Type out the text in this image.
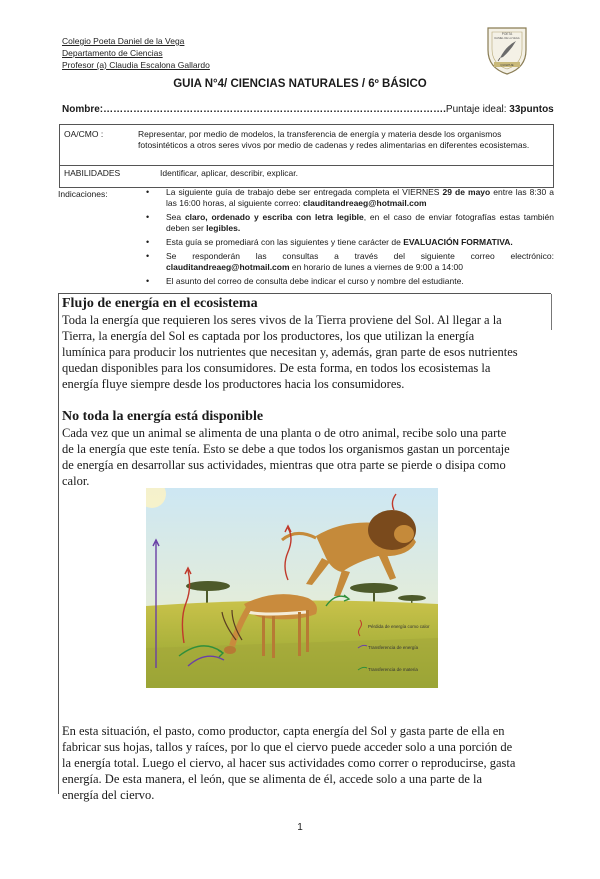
Colegio Poeta Daniel de la Vega
Departamento de Ciencias
Profesor (a) Claudia Escalona Gallardo
POETA
DANIEL DE LA VEGA
QUILPUE
GUIA N°4/ CIENCIAS NATURALES / 6º BÁSICO
Nombre:………………………………………………………………………………………….Puntaje ideal: 33puntos
OA/CMO :	Representar, por medio de modelos, la transferencia de energía y materia desde los organismos fotosintéticos a otros seres vivos por medio de cadenas y redes alimentarias en diferentes ecosistemas.
HABILIDADES	Identificar, aplicar, describir, explicar.
Indicaciones:
•	La siguiente guía de trabajo debe ser entregada completa el VIERNES 29 de mayo entre las 8:30 a las 16:00 horas, al siguiente correo: clauditandreaeg@hotmail.com
• Sea claro, ordenado y escriba con letra legible, en el caso de enviar fotografías estas también deben ser legibles.
• Esta guía se promediará con las siguientes y tiene carácter de EVALUACIÓN FORMATIVA.
• Se responderán las consultas a través del siguiente correo electrónico: clauditandreaeg@hotmail.com en horario de lunes a viernes de 9:00 a 14:00
• El asunto del correo de consulta debe indicar el curso y nombre del estudiante.
Flujo de energía en el ecosistema

Toda la energía que requieren los seres vivos de la Tierra proviene del Sol. Al llegar a la Tierra, la energía del Sol es captada por los productores, los que utilizan la energía lumínica para producir los nutrientes que necesitan y, además, gran parte de esos nutrientes quedan disponibles para los consumidores. De esta forma, en todos los ecosistemas la energía fluye siempre desde los productores hacia los consumidores.

No toda la energía está disponible

Cada vez que un animal se alimenta de una planta o de otro animal, recibe solo una parte de la energía que este tenía. Esto se debe a que todos los organismos gastan un porcentaje de energía en desarrollar sus actividades, mientras que otra parte se pierde o disipa como calor.

En esta situación, el pasto, como productor, capta energía del Sol y gasta parte de ella en fabricar sus hojas, tallos y raíces, por lo que el ciervo puede acceder solo a una porción de la energía total. Luego el ciervo, al hacer sus actividades como correr o reproducirse, gasta energía. De esta manera, el león, que se alimenta de él, accede solo a una parte de la energía del ciervo.

Pérdida de energía como calor
Transferencia de energía
Transferencia de materia
1
